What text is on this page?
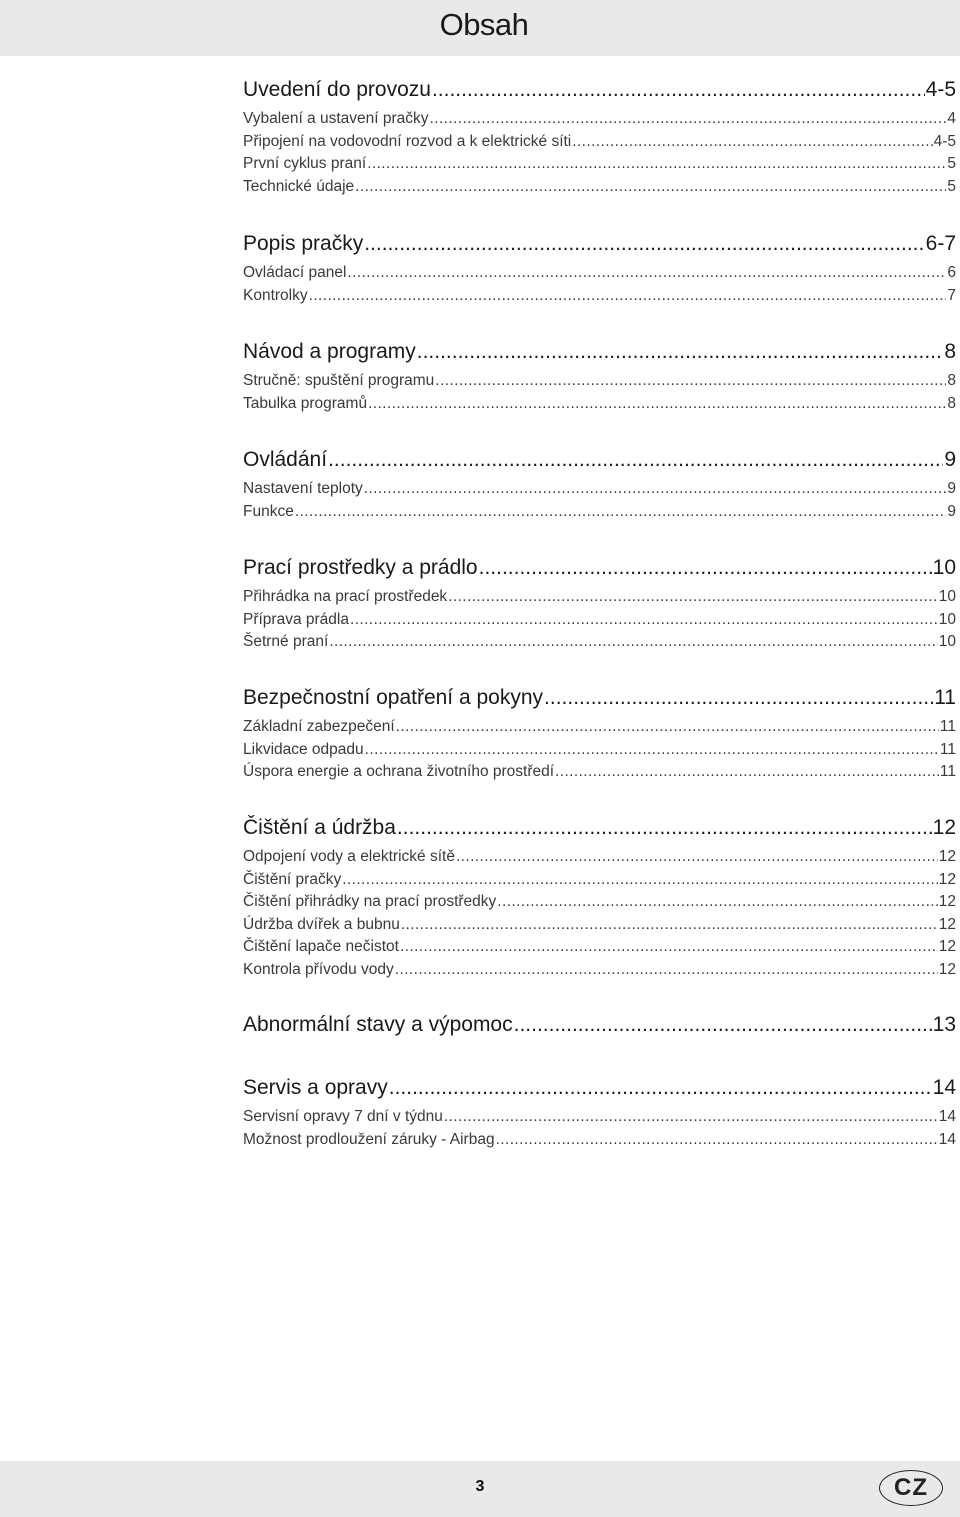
Obsah
Uvedení do provozu .....	4-5
Vybalení a ustavení pračky .....	4
Připojení na vodovodní rozvod a k elektrické síti .....	4-5
První cyklus praní .....	5
Technické údaje .....	5
Popis pračky .....	6-7
Ovládací panel .....	6
Kontrolky .....	7
Návod a programy .....	8
Stručně: spuštění programu .....	8
Tabulka programů .....	8
Ovládání .....	9
Nastavení teploty .....	9
Funkce .....	9
Prací prostředky a prádlo .....	10
Přihrádka na prací prostředek .....	10
Příprava prádla .....	10
Šetrné praní .....	10
Bezpečnostní opatření a pokyny .....	11
Základní zabezpečení .....	11
Likvidace odpadu .....	11
Úspora energie a ochrana životního prostředí .....	11
Čištění a údržba .....	12
Odpojení vody a elektrické sítě .....	12
Čištění pračky .....	12
Čištění přihrádky na prací prostředky .....	12
Údržba dvířek a bubnu .....	12
Čištění lapače nečistot .....	12
Kontrola přívodu vody .....	12
Abnormální stavy a výpomoc .....	13
Servis a opravy .....	14
Servisní opravy 7 dní v týdnu .....	14
Možnost prodloužení záruky - Airbag .....	14
3	CZ
